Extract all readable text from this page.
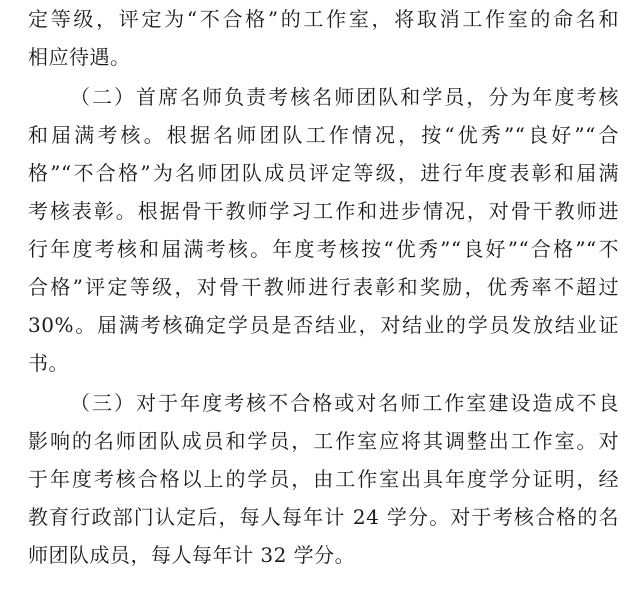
定等级，评定为“不合格”的工作室，将取消工作室的命名和
相应待遇。
（二）首席名师负责考核名师团队和学员，分为年度考核
和届满考核。根据名师团队工作情况，按“优秀”“良好”“合
格”“不合格”为名师团队成员评定等级，进行年度表彰和届满
考核表彰。根据骨干教师学习工作和进步情况，对骨干教师进
行年度考核和届满考核。年度考核按“优秀”“良好”“合格”“不
合格”评定等级，对骨干教师进行表彰和奖励，优秀率不超过
30%。届满考核确定学员是否结业，对结业的学员发放结业证
书。
（三）对于年度考核不合格或对名师工作室建设造成不良
影响的名师团队成员和学员，工作室应将其调整出工作室。对
于年度考核合格以上的学员，由工作室出具年度学分证明，经
教育行政部门认定后，每人每年计 24 学分。对于考核合格的名
师团队成员，每人每年计 32 学分。
